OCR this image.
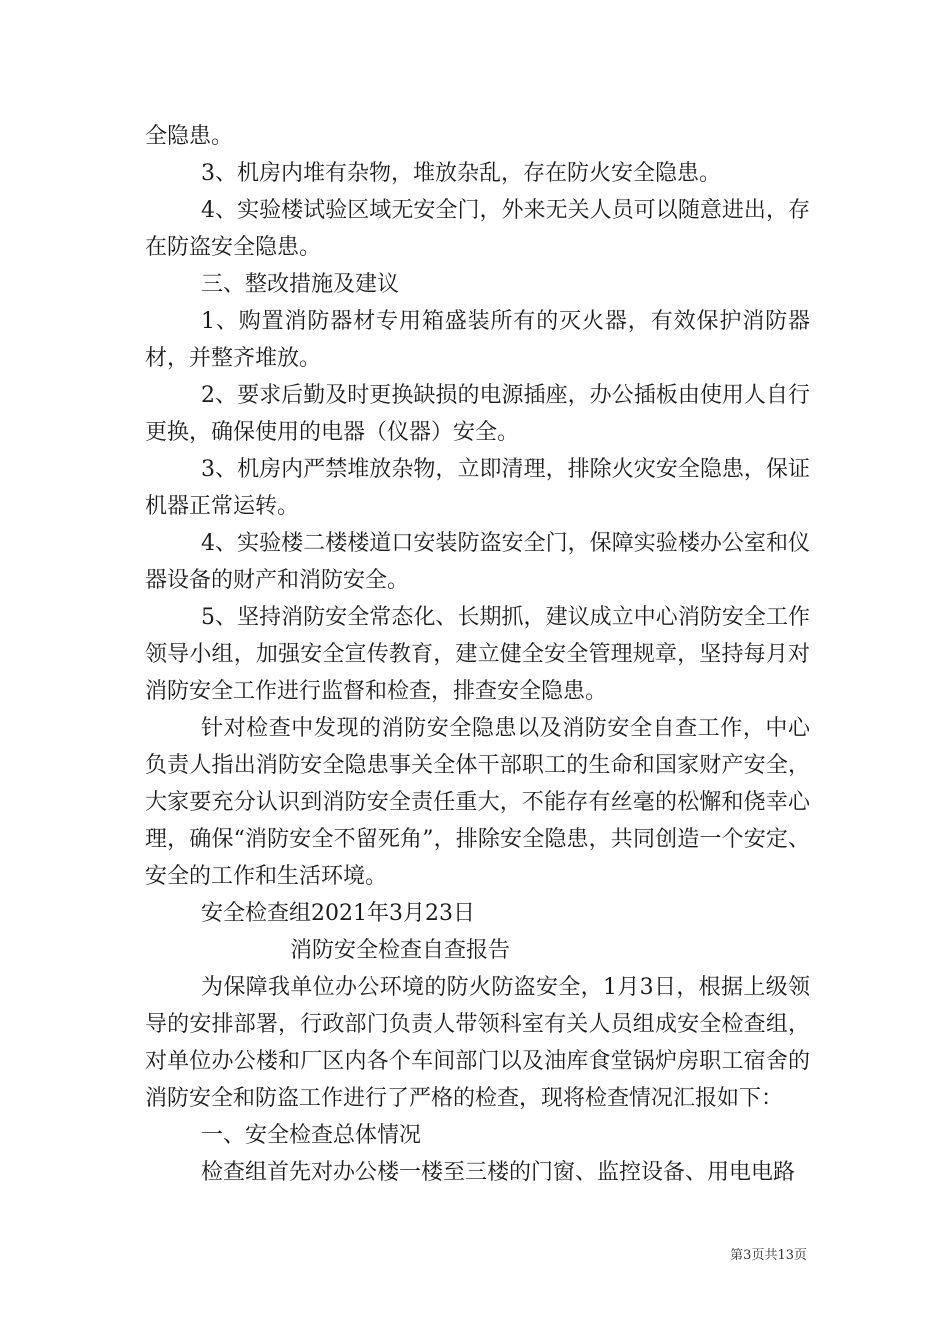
全隐患。

3、机房内堆有杂物，堆放杂乱，存在防火安全隐患。

4、实验楼试验区域无安全门，外来无关人员可以随意进出，存在防盗安全隐患。

三、整改措施及建议

1、购置消防器材专用箱盛装所有的灭火器，有效保护消防器材，并整齐堆放。

2、要求后勤及时更换缺损的电源插座，办公插板由使用人自行更换，确保使用的电器（仪器）安全。

3、机房内严禁堆放杂物，立即清理，排除火灾安全隐患，保证机器正常运转。

4、实验楼二楼楼道口安装防盗安全门，保障实验楼办公室和仪器设备的财产和消防安全。

5、坚持消防安全常态化、长期抓，建议成立中心消防安全工作领导小组，加强安全宣传教育，建立健全安全管理规章，坚持每月对消防安全工作进行监督和检查，排查安全隐患。

针对检查中发现的消防安全隐患以及消防安全自查工作，中心负责人指出消防安全隐患事关全体干部职工的生命和国家财产安全，大家要充分认识到消防安全责任重大，不能存有丝毫的松懈和侥幸心理，确保“消防安全不留死角”，排除安全隐患，共同创造一个安定、安全的工作和生活环境。

安全检查组2021年3月23日

消防安全检查自查报告

为保障我单位办公环境的防火防盗安全，1月3日，根据上级领导的安排部署，行政部门负责人带领科室有关人员组成安全检查组，对单位办公楼和厂区内各个车间部门以及油库食堂锅炉房职工宿舍的消防安全和防盗工作进行了严格的检查，现将检查情况汇报如下：

一、安全检查总体情况

检查组首先对办公楼一楼至三楼的门窗、监控设备、用电电路

第3页共13页
